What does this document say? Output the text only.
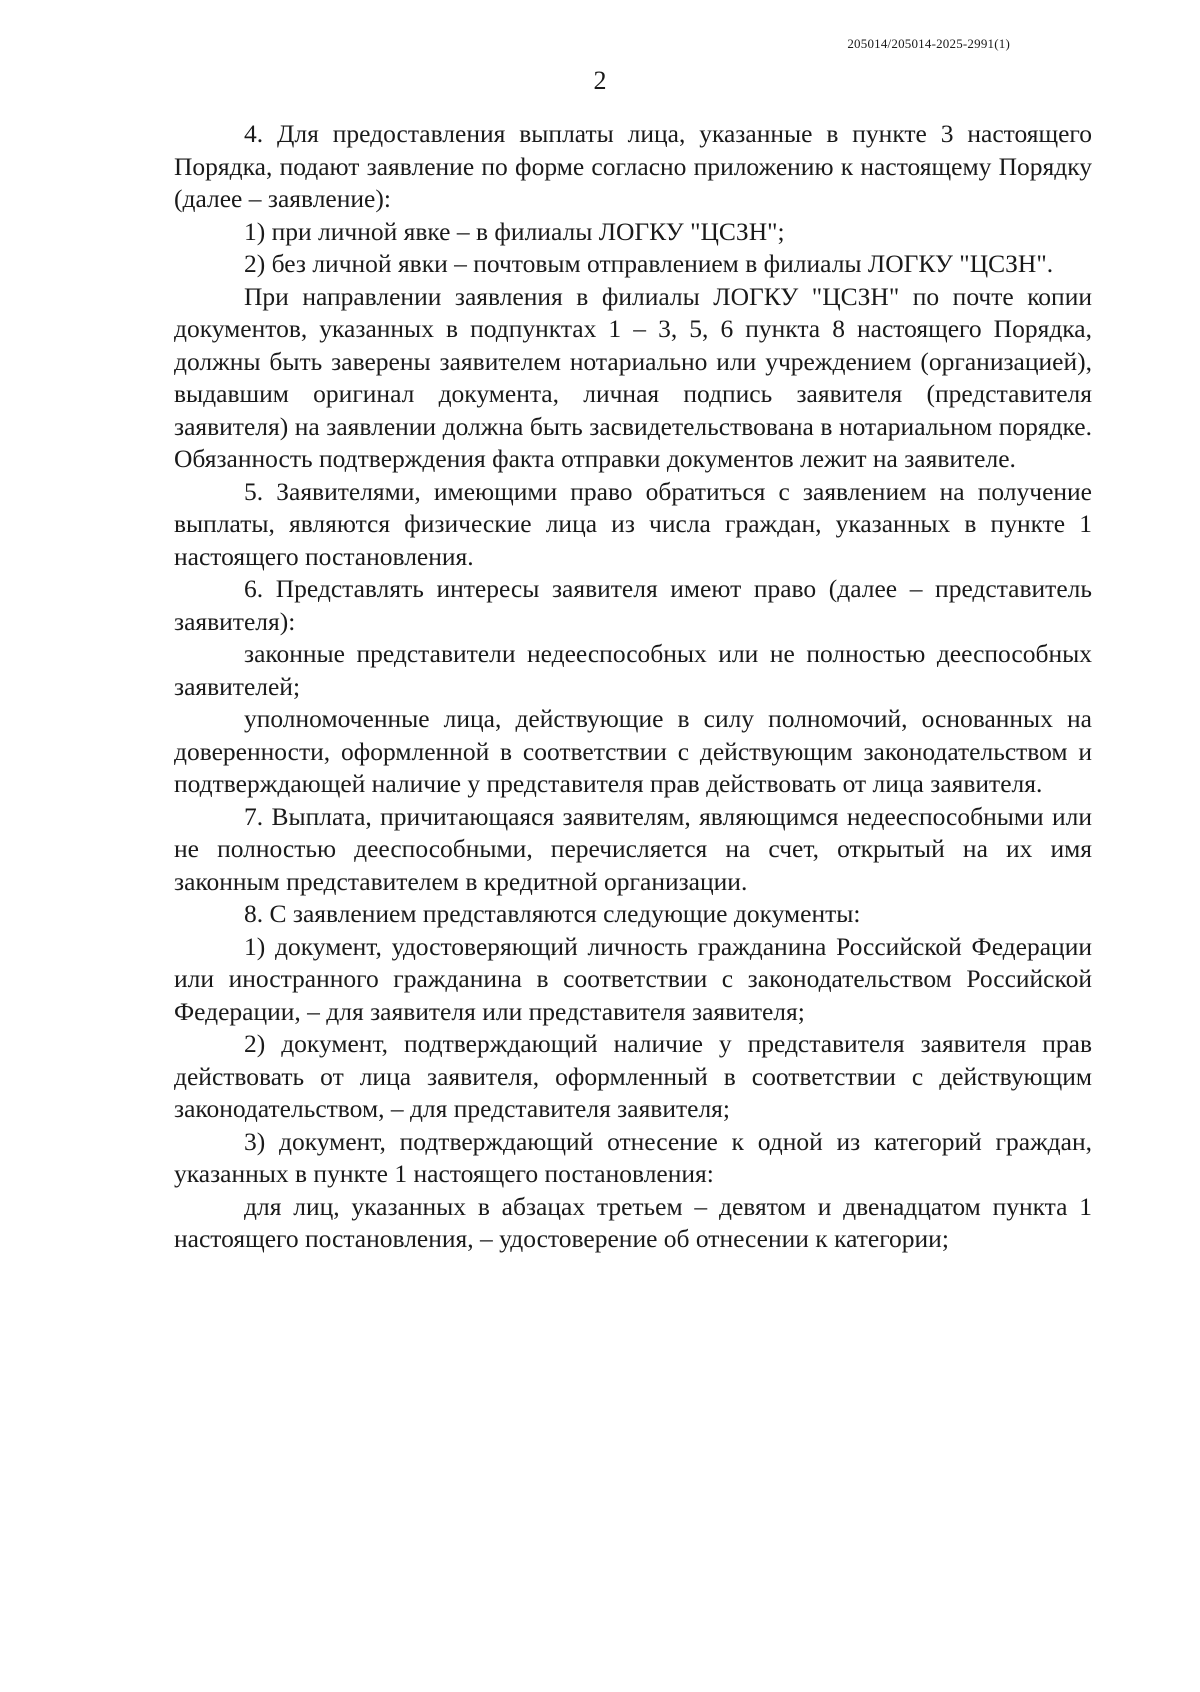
205014/205014-2025-2991(1)
2

4. Для предоставления выплаты лица, указанные в пункте 3 настоящего Порядка, подают заявление по форме согласно приложению к настоящему Порядку (далее – заявление):

1) при личной явке – в филиалы ЛОГКУ "ЦСЗН";

2) без личной явки – почтовым отправлением в филиалы ЛОГКУ "ЦСЗН".

При направлении заявления в филиалы ЛОГКУ "ЦСЗН" по почте копии документов, указанных в подпунктах 1 – 3, 5, 6 пункта 8 настоящего Порядка, должны быть заверены заявителем нотариально или учреждением (организацией), выдавшим оригинал документа, личная подпись заявителя (представителя заявителя) на заявлении должна быть засвидетельствована в нотариальном порядке. Обязанность подтверждения факта отправки документов лежит на заявителе.

5. Заявителями, имеющими право обратиться с заявлением на получение выплаты, являются физические лица из числа граждан, указанных в пункте 1 настоящего постановления.

6. Представлять интересы заявителя имеют право (далее – представитель заявителя):

законные представители недееспособных или не полностью дееспособных заявителей;

уполномоченные лица, действующие в силу полномочий, основанных на доверенности, оформленной в соответствии с действующим законодательством и подтверждающей наличие у представителя прав действовать от лица заявителя.

7. Выплата, причитающаяся заявителям, являющимся недееспособными или не полностью дееспособными, перечисляется на счет, открытый на их имя законным представителем в кредитной организации.

8. С заявлением представляются следующие документы:

1) документ, удостоверяющий личность гражданина Российской Федерации или иностранного гражданина в соответствии с законодательством Российской Федерации, – для заявителя или представителя заявителя;

2) документ, подтверждающий наличие у представителя заявителя прав действовать от лица заявителя, оформленный в соответствии с действующим законодательством, – для представителя заявителя;

3) документ, подтверждающий отнесение к одной из категорий граждан, указанных в пункте 1 настоящего постановления:

для лиц, указанных в абзацах третьем – девятом и двенадцатом пункта 1 настоящего постановления, – удостоверение об отнесении к категории;
